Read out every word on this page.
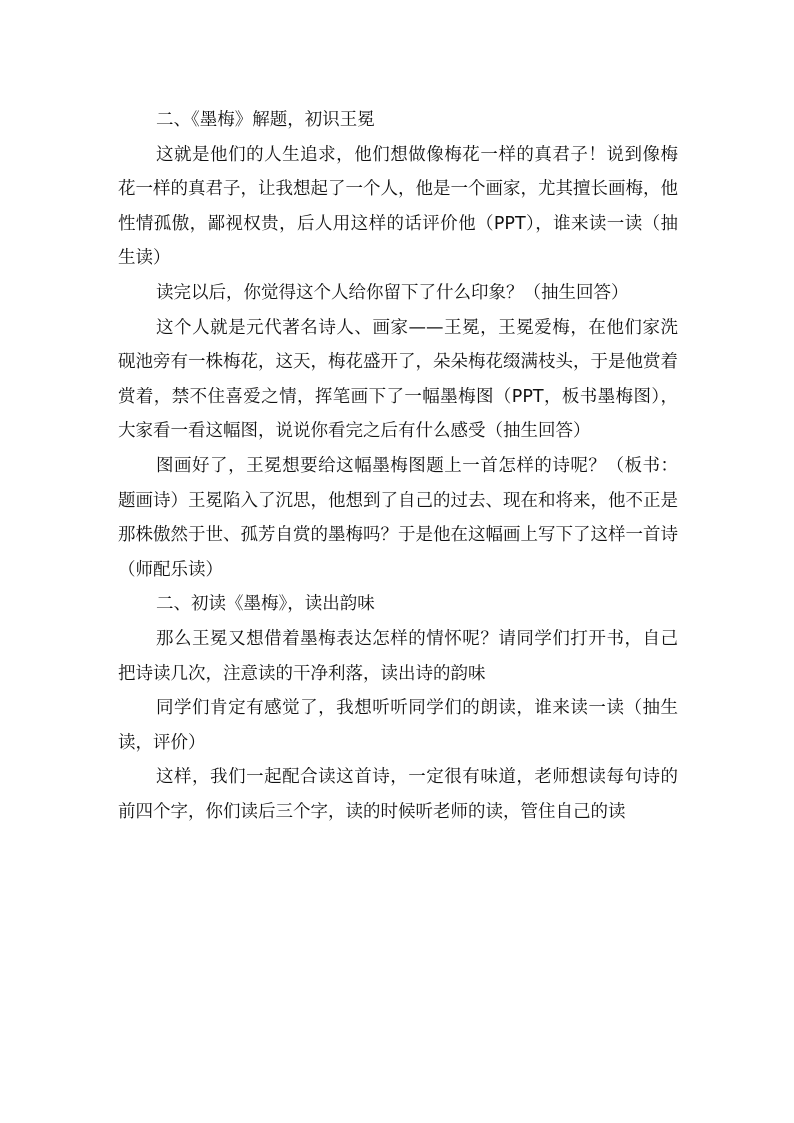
二、《墨梅》解题，初识王冕

这就是他们的人生追求，他们想做像梅花一样的真君子！说到像梅花一样的真君子，让我想起了一个人，他是一个画家，尤其擅长画梅，他性情孤傲，鄙视权贵，后人用这样的话评价他（PPT），谁来读一读（抽生读）

读完以后，你觉得这个人给你留下了什么印象？（抽生回答）

这个人就是元代著名诗人、画家——王冕，王冕爱梅，在他们家洗砚池旁有一株梅花，这天，梅花盛开了，朵朵梅花缀满枝头，于是他赏着赏着，禁不住喜爱之情，挥笔画下了一幅墨梅图（PPT，板书墨梅图），大家看一看这幅图，说说你看完之后有什么感受（抽生回答）

图画好了，王冕想要给这幅墨梅图题上一首怎样的诗呢？（板书：题画诗）王冕陷入了沉思，他想到了自己的过去、现在和将来，他不正是那株傲然于世、孤芳自赏的墨梅吗？于是他在这幅画上写下了这样一首诗（师配乐读）

二、初读《墨梅》，读出韵味

那么王冕又想借着墨梅表达怎样的情怀呢？请同学们打开书，自己把诗读几次，注意读的干净利落，读出诗的韵味

同学们肯定有感觉了，我想听听同学们的朗读，谁来读一读（抽生读，评价）

这样，我们一起配合读这首诗，一定很有味道，老师想读每句诗的前四个字，你们读后三个字，读的时候听老师的读，管住自己的读
